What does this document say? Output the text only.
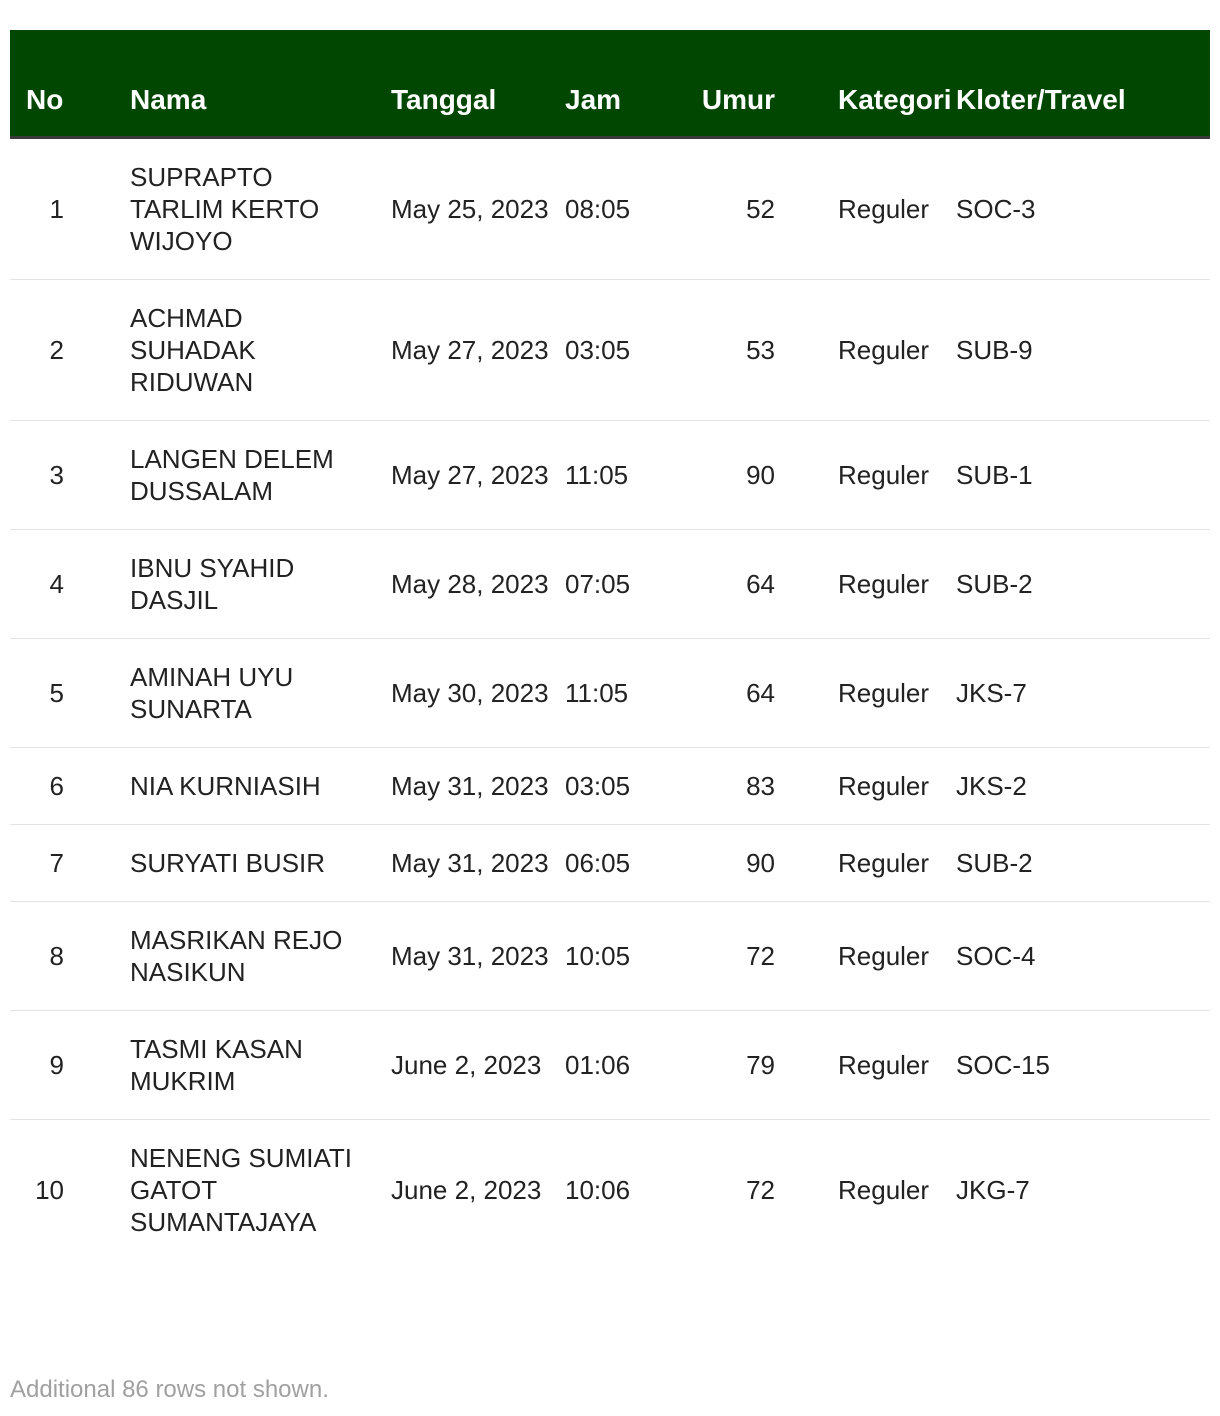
No	Nama	Tanggal	Jam	Umur	Kategori	Kloter/Travel
1	SUPRAPTO TARLIM KERTO WIJOYO	May 25, 2023	08:05	52	Reguler	SOC-3
2	ACHMAD SUHADAK RIDUWAN	May 27, 2023	03:05	53	Reguler	SUB-9
3	LANGEN DELEM DUSSALAM	May 27, 2023	11:05	90	Reguler	SUB-1
4	IBNU SYAHID DASJIL	May 28, 2023	07:05	64	Reguler	SUB-2
5	AMINAH UYU SUNARTA	May 30, 2023	11:05	64	Reguler	JKS-7
6	NIA KURNIASIH	May 31, 2023	03:05	83	Reguler	JKS-2
7	SURYATI BUSIR	May 31, 2023	06:05	90	Reguler	SUB-2
8	MASRIKAN REJO NASIKUN	May 31, 2023	10:05	72	Reguler	SOC-4
9	TASMI KASAN MUKRIM	June 2, 2023	01:06	79	Reguler	SOC-15
10	NENENG SUMIATI GATOT SUMANTAJAYA	June 2, 2023	10:06	72	Reguler	JKG-7
Additional 86 rows not shown.
